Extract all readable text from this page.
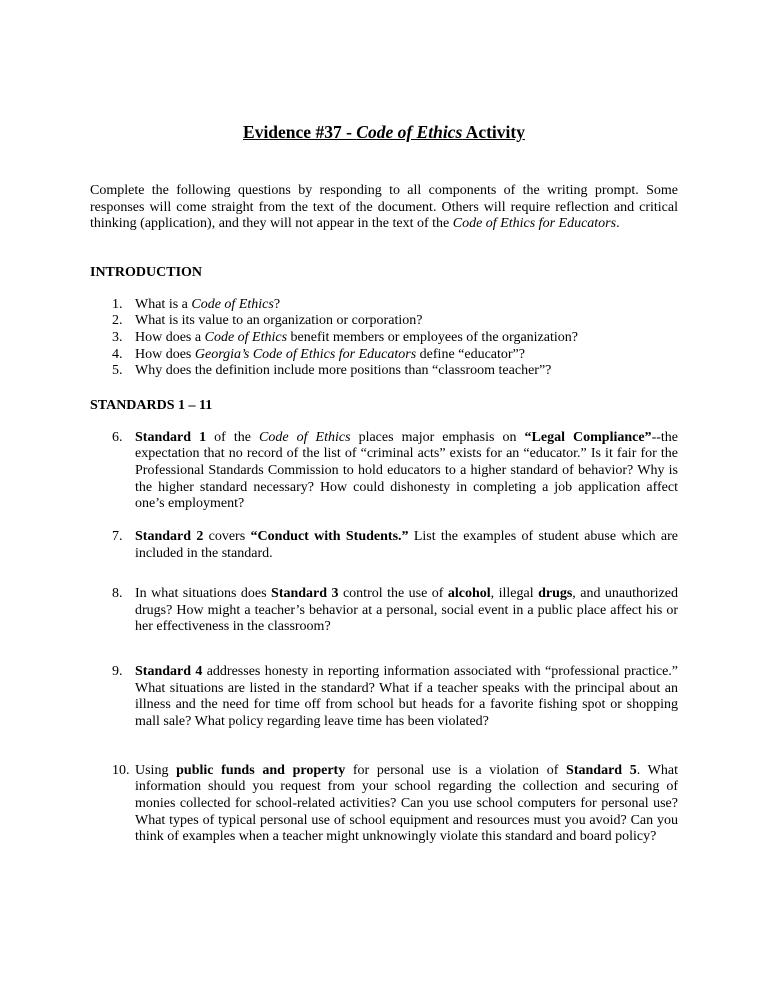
Evidence #37 - Code of Ethics Activity

Complete the following questions by responding to all components of the writing prompt. Some responses will come straight from the text of the document. Others will require reflection and critical thinking (application), and they will not appear in the text of the Code of Ethics for Educators.

INTRODUCTION
1. What is a Code of Ethics?
2. What is its value to an organization or corporation?
3. How does a Code of Ethics benefit members or employees of the organization?
4. How does Georgia’s Code of Ethics for Educators define “educator”?
5. Why does the definition include more positions than “classroom teacher”?
STANDARDS 1 – 11
6. Standard 1 of the Code of Ethics places major emphasis on “Legal Compliance”--the expectation that no record of the list of “criminal acts” exists for an “educator.” Is it fair for the Professional Standards Commission to hold educators to a higher standard of behavior? Why is the higher standard necessary? How could dishonesty in completing a job application affect one’s employment?
7. Standard 2 covers “Conduct with Students.” List the examples of student abuse which are included in the standard.
8. In what situations does Standard 3 control the use of alcohol, illegal drugs, and unauthorized drugs? How might a teacher’s behavior at a personal, social event in a public place affect his or her effectiveness in the classroom?
9. Standard 4 addresses honesty in reporting information associated with “professional practice.” What situations are listed in the standard? What if a teacher speaks with the principal about an illness and the need for time off from school but heads for a favorite fishing spot or shopping mall sale? What policy regarding leave time has been violated?
10. Using public funds and property for personal use is a violation of Standard 5. What information should you request from your school regarding the collection and securing of monies collected for school-related activities? Can you use school computers for personal use? What types of typical personal use of school equipment and resources must you avoid? Can you think of examples when a teacher might unknowingly violate this standard and board policy?
